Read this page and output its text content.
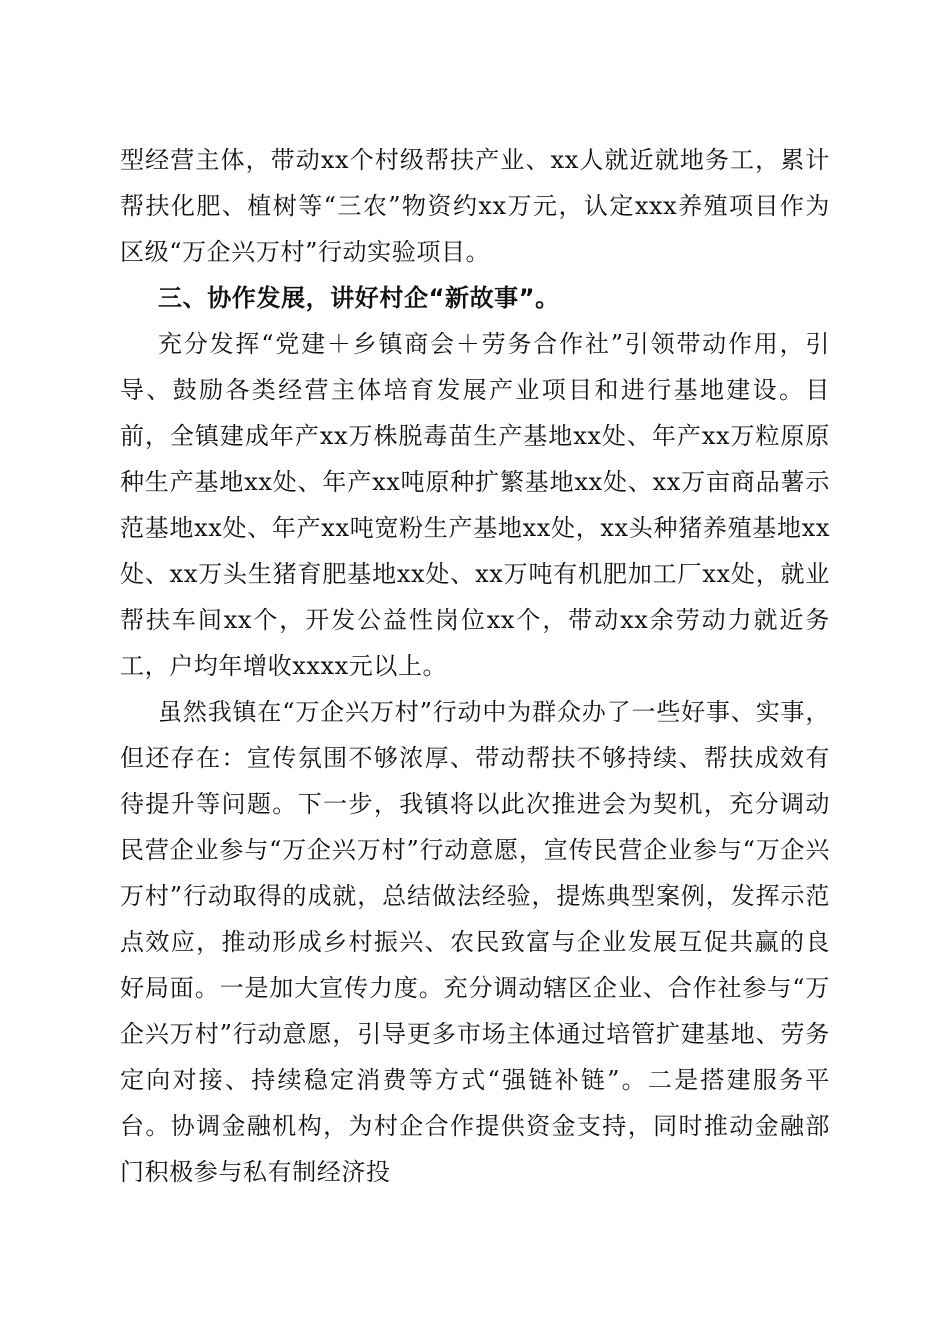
型经营主体，带动xx个村级帮扶产业、xx人就近就地务工，累计帮扶化肥、植树等“三农”物资约xx万元，认定xxx养殖项目作为区级“万企兴万村”行动实验项目。

三、协作发展，讲好村企“新故事”。

充分发挥“党建＋乡镇商会＋劳务合作社”引领带动作用，引导、鼓励各类经营主体培育发展产业项目和进行基地建设。目前，全镇建成年产xx万株脱毒苗生产基地xx处、年产xx万粒原原种生产基地xx处、年产xx吨原种扩繁基地xx处、xx万亩商品薯示范基地xx处、年产xx吨宽粉生产基地xx处，xx头种猪养殖基地xx处、xx万头生猪育肥基地xx处、xx万吨有机肥加工厂xx处，就业帮扶车间xx个，开发公益性岗位xx个，带动xx余劳动力就近务工，户均年增收xxxx元以上。

虽然我镇在“万企兴万村”行动中为群众办了一些好事、实事，但还存在：宣传氛围不够浓厚、带动帮扶不够持续、帮扶成效有待提升等问题。下一步，我镇将以此次推进会为契机，充分调动民营企业参与“万企兴万村”行动意愿，宣传民营企业参与“万企兴万村”行动取得的成就，总结做法经验，提炼典型案例，发挥示范点效应，推动形成乡村振兴、农民致富与企业发展互促共赢的良好局面。一是加大宣传力度。充分调动辖区企业、合作社参与“万企兴万村”行动意愿，引导更多市场主体通过培管扩建基地、劳务定向对接、持续稳定消费等方式“强链补链”。二是搭建服务平台。协调金融机构，为村企合作提供资金支持，同时推动金融部门积极参与私有制经济投
